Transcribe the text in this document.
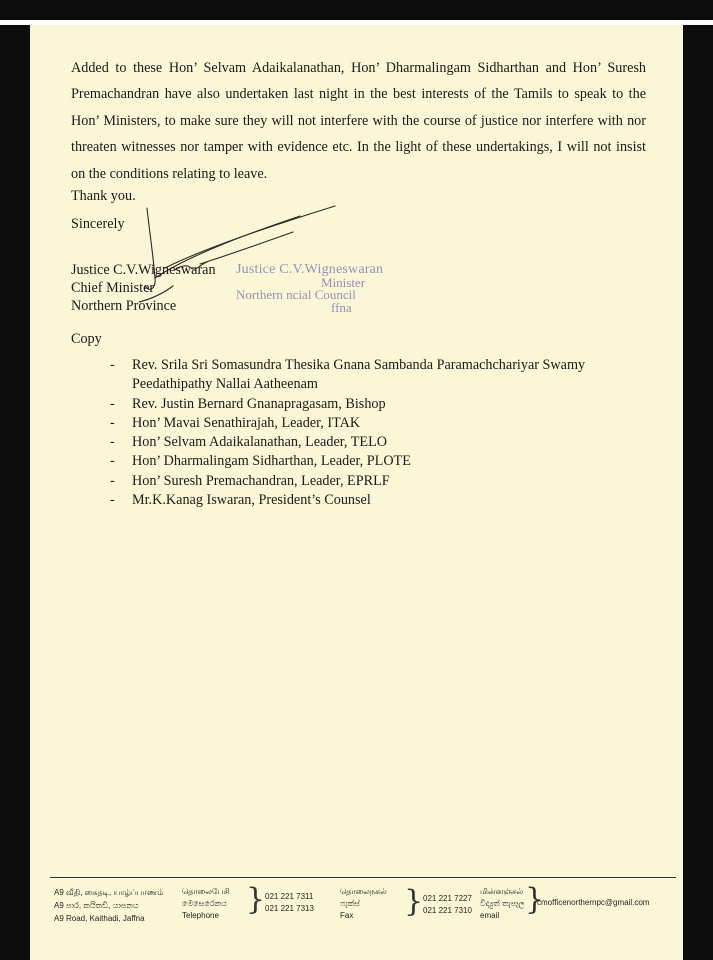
Added to these Hon’ Selvam Adaikalanathan, Hon’ Dharmalingam Sidharthan and Hon’ Suresh Premachandran have also undertaken last night in the best interests of the Tamils to speak to the Hon’ Ministers, to make sure they will not interfere with the course of justice nor interfere with nor threaten witnesses nor tamper with evidence etc. In the light of these undertakings, I will not insist on the conditions relating to leave.

Thank you.
Sincerely
Justice C.V.Wigneswaran
Chief Minister
Northern Province
Justice C.V.Wigneswaran
Minister
Northern ncial Council
ffna
Copy
- Rev. Srila Sri Somasundra Thesika Gnana Sambanda Paramachchariyar Swamy Peedathipathy Nallai Aatheenam
- Rev. Justin Bernard Gnanapragasam, Bishop
- Hon’ Mavai Senathirajah, Leader, ITAK
- Hon’ Selvam Adaikalanathan, Leader, TELO
- Hon’ Dharmalingam Sidharthan, Leader, PLOTE
- Hon’ Suresh Premachandran, Leader, EPRLF
- Mr.K.Kanag Iswaran, President’s Counsel
A9 வீதி, கைதடி, யாழ்ப்பாணம்
A9 පාර, කයිතඩි, යාපනය
A9 Road, Kaithadi, Jaffna
தொலைபேசி
මෙසෙරෙනය
Telephone } 021 221 7311
021 221 7313
தொலைநகல்
ෆැක්ස්
Fax	} 021 221 7227
021 221 7310
மின்னஞ்சல்
විද්‍යුත් තැපෑල
email }
cmofficenorthernpc@gmail.com
